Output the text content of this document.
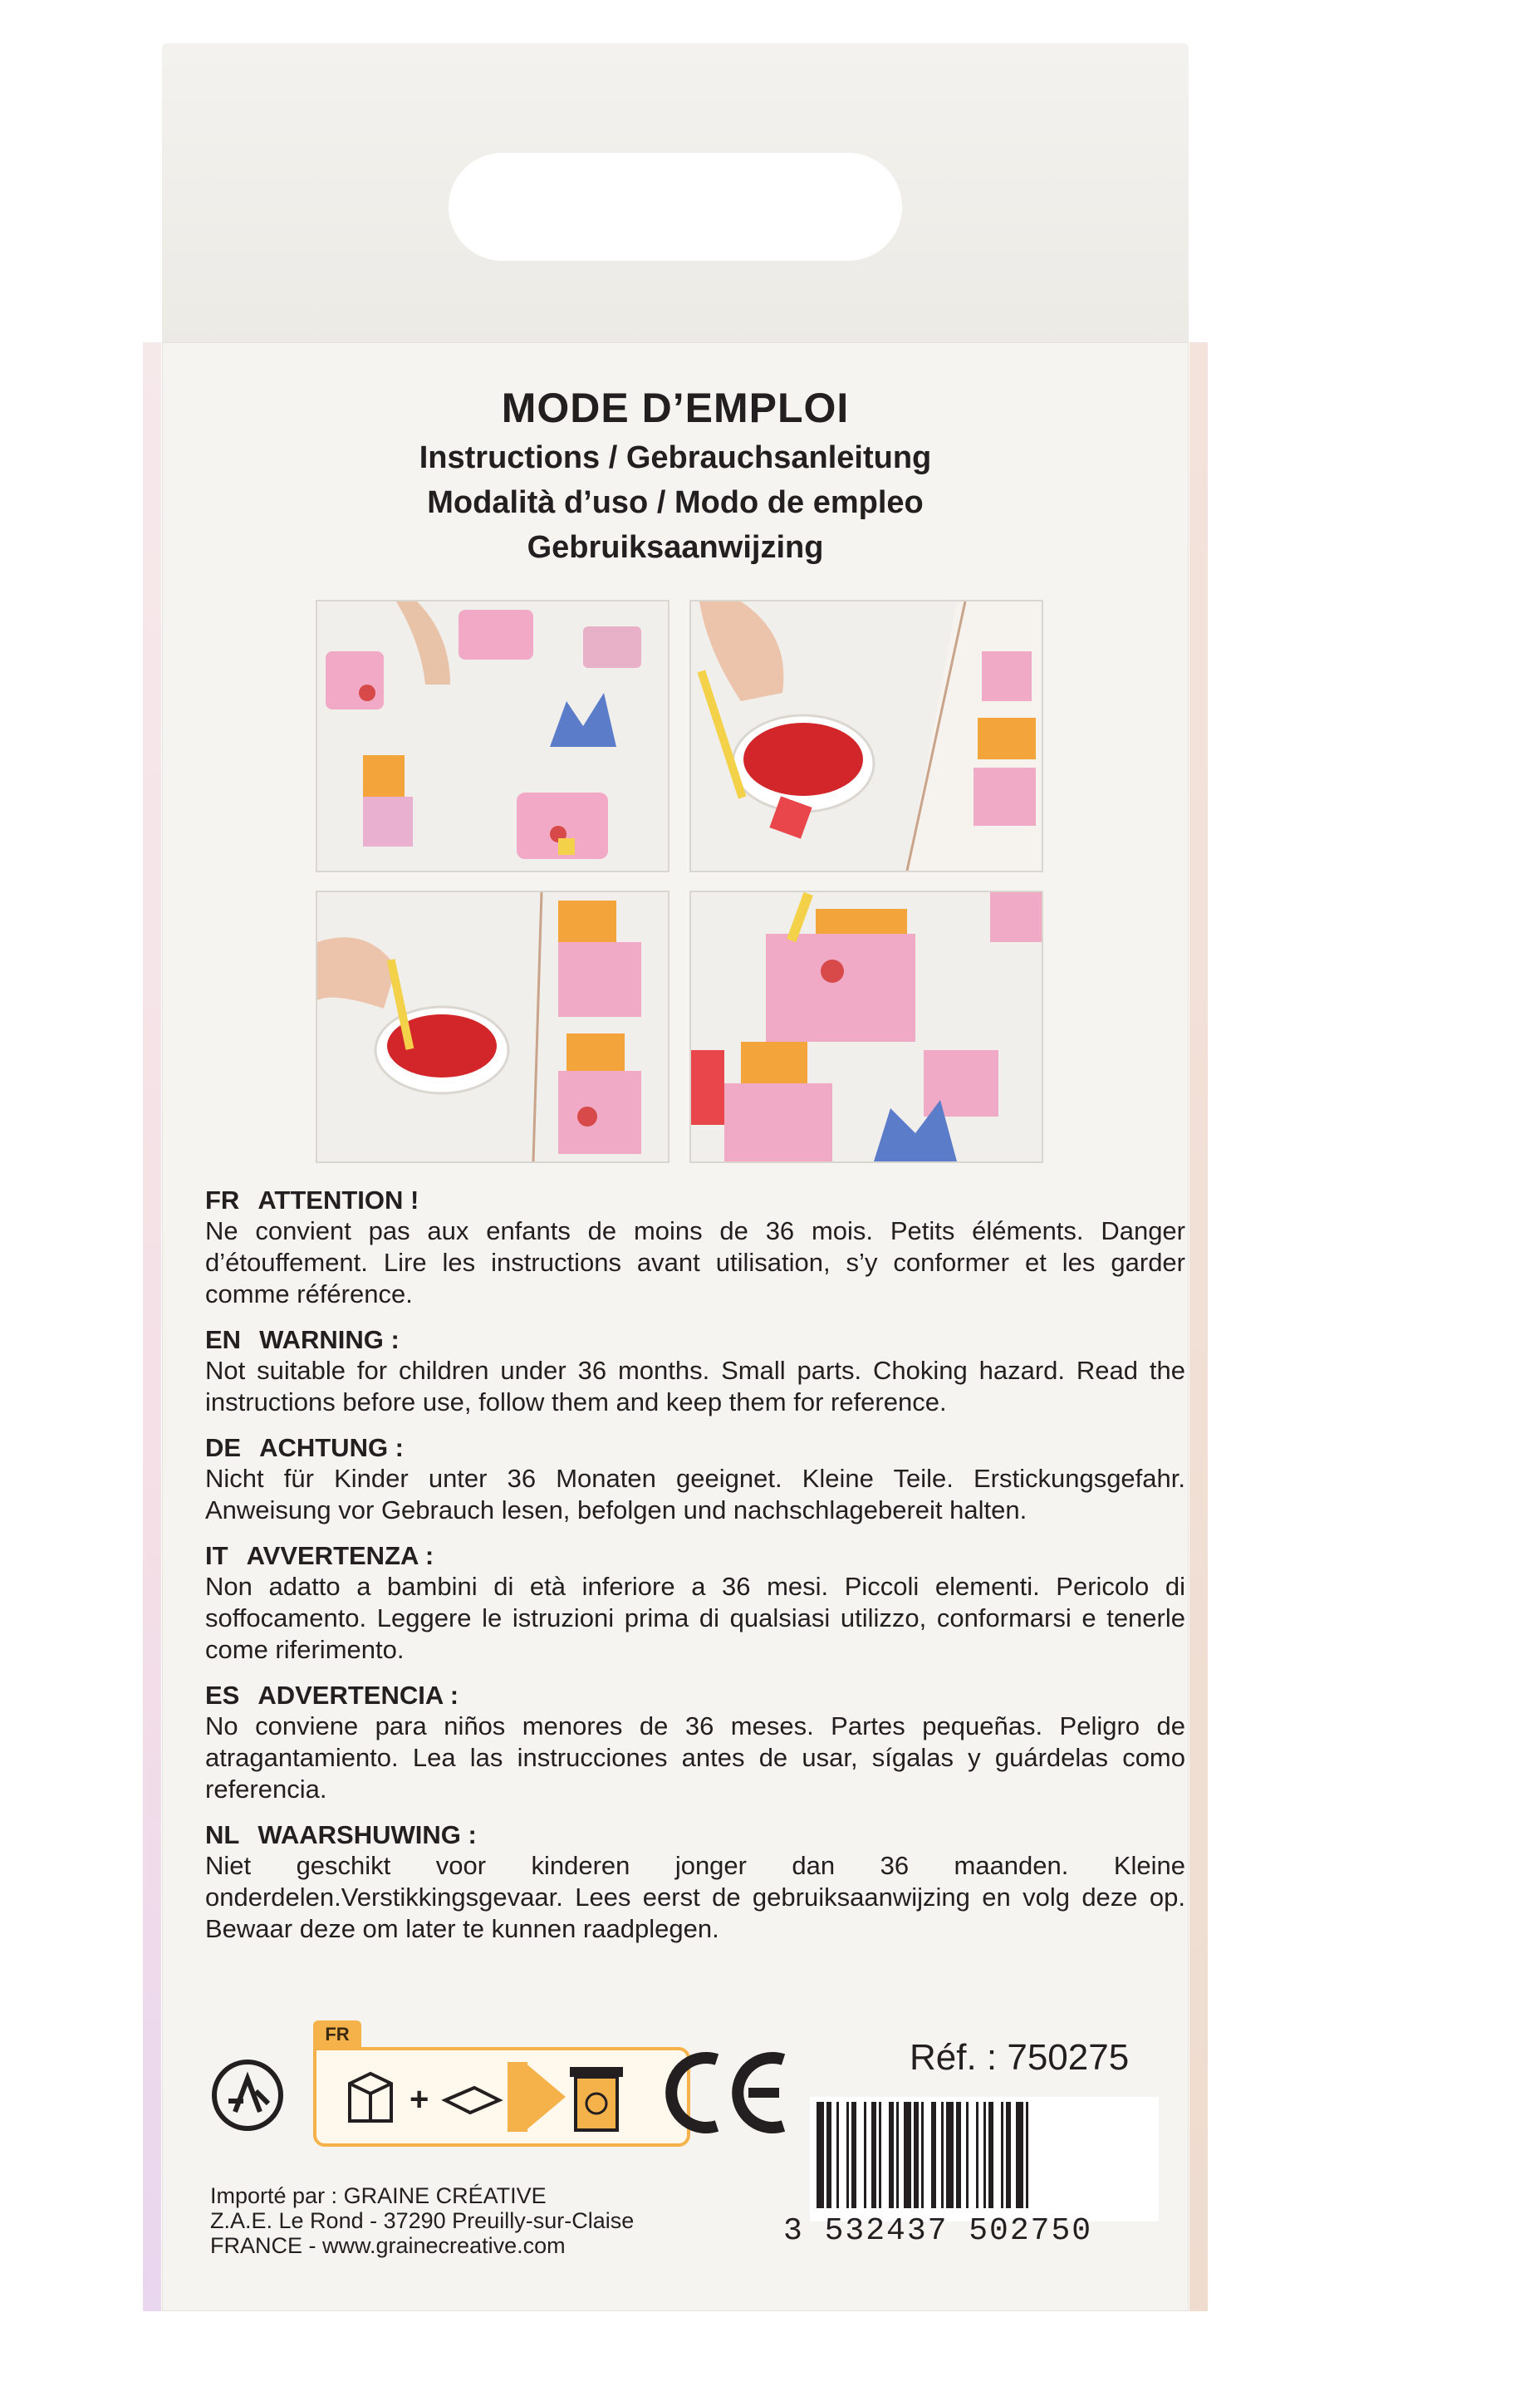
MODE D’EMPLOI
Instructions / Gebrauchsanleitung
Modalità d’uso / Modo de empleo
Gebruiksaanwijzing
FR ATTENTION !
Ne convient pas aux enfants de moins de 36 mois. Petits éléments. Danger d’étouffement. Lire les instructions avant utilisation, s’y conformer et les garder comme référence.
EN WARNING :
Not suitable for children under 36 months. Small parts. Choking hazard. Read the instructions before use, follow them and keep them for reference.
DE ACHTUNG :
Nicht für Kinder unter 36 Monaten geeignet. Kleine Teile. Erstickungsgefahr. Anweisung vor Gebrauch lesen, befolgen und nachschlagebereit halten.
IT AVVERTENZA :
Non adatto a bambini di età inferiore a 36 mesi. Piccoli elementi. Pericolo di soffocamento. Leggere le istruzioni prima di qualsiasi utilizzo, conformarsi e tenerle come riferimento.
ES ADVERTENCIA :
No conviene para niños menores de 36 meses. Partes pequeñas. Peligro de atragantamiento. Lea las instrucciones antes de usar, sígalas y guárdelas como referencia.
NL WAARSHUWING :
Niet geschikt voor kinderen jonger dan 36 maanden. Kleine onderdelen.Verstikkingsgevaar. Lees eerst de gebruiksaanwijzing en volg deze op. Bewaar deze om later te kunnen raadplegen.
FR
+
Réf. : 750275
3 532437 502750
Importé par : GRAINE CRÉATIVE
Z.A.E. Le Rond - 37290 Preuilly-sur-Claise
FRANCE - www.grainecreative.com
